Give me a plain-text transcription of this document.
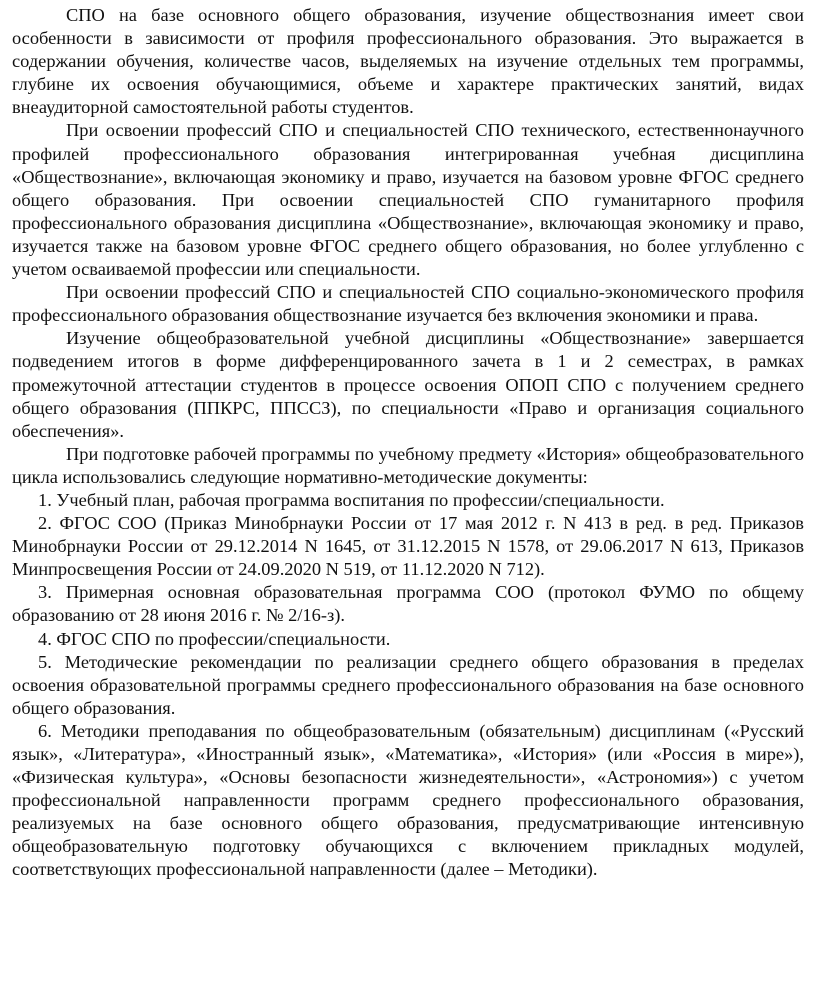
СПО на базе основного общего образования, изучение обществознания имеет свои особенности в зависимости от профиля профессионального образования. Это выражается в содержании обучения, количестве часов, выделяемых на изучение отдельных тем программы, глубине их освоения обучающимися, объеме и характере практических занятий, видах внеаудиторной самостоятельной работы студентов.

При освоении профессий СПО и специальностей СПО технического, естественнонаучного профилей профессионального образования интегрированная учебная дисциплина «Обществознание», включающая экономику и право, изучается на базовом уровне ФГОС среднего общего образования. При освоении специальностей СПО гуманитарного профиля профессионального образования дисциплина «Обществознание», включающая экономику и право, изучается также на базовом уровне ФГОС среднего общего образования, но более углубленно с учетом осваиваемой профессии или специальности.

При освоении профессий СПО и специальностей СПО социально-экономического профиля профессионального образования обществознание изучается без включения экономики и права.

Изучение общеобразовательной учебной дисциплины «Обществознание» завершается подведением итогов в форме дифференцированного зачета в 1 и 2 семестрах, в рамках промежуточной аттестации студентов в процессе освоения ОПОП СПО с получением среднего общего образования (ППКРС, ППССЗ), по специальности «Право и организация социального обеспечения».

При подготовке рабочей программы по учебному предмету «История» общеобразовательного цикла использовались следующие нормативно-методические документы:

1. Учебный план, рабочая программа воспитания по профессии/специальности.

2. ФГОС СОО (Приказ Минобрнауки России от 17 мая 2012 г. N 413 в ред. в ред. Приказов Минобрнауки России от 29.12.2014 N 1645, от 31.12.2015 N 1578, от 29.06.2017 N 613, Приказов Минпросвещения России от 24.09.2020 N 519, от 11.12.2020 N 712).

3. Примерная основная образовательная программа СОО (протокол ФУМО по общему образованию от 28 июня 2016 г. № 2/16-з).

4. ФГОС СПО по профессии/специальности.

5. Методические рекомендации по реализации среднего общего образования в пределах освоения образовательной программы среднего профессионального образования на базе основного общего образования.

6. Методики преподавания по общеобразовательным (обязательным) дисциплинам («Русский язык», «Литература», «Иностранный язык», «Математика», «История» (или «Россия в мире»), «Физическая культура», «Основы безопасности жизнедеятельности», «Астрономия») с учетом профессиональной направленности программ среднего профессионального образования, реализуемых на базе основного общего образования, предусматривающие интенсивную общеобразовательную подготовку обучающихся с включением прикладных модулей, соответствующих профессиональной направленности (далее – Методики).
